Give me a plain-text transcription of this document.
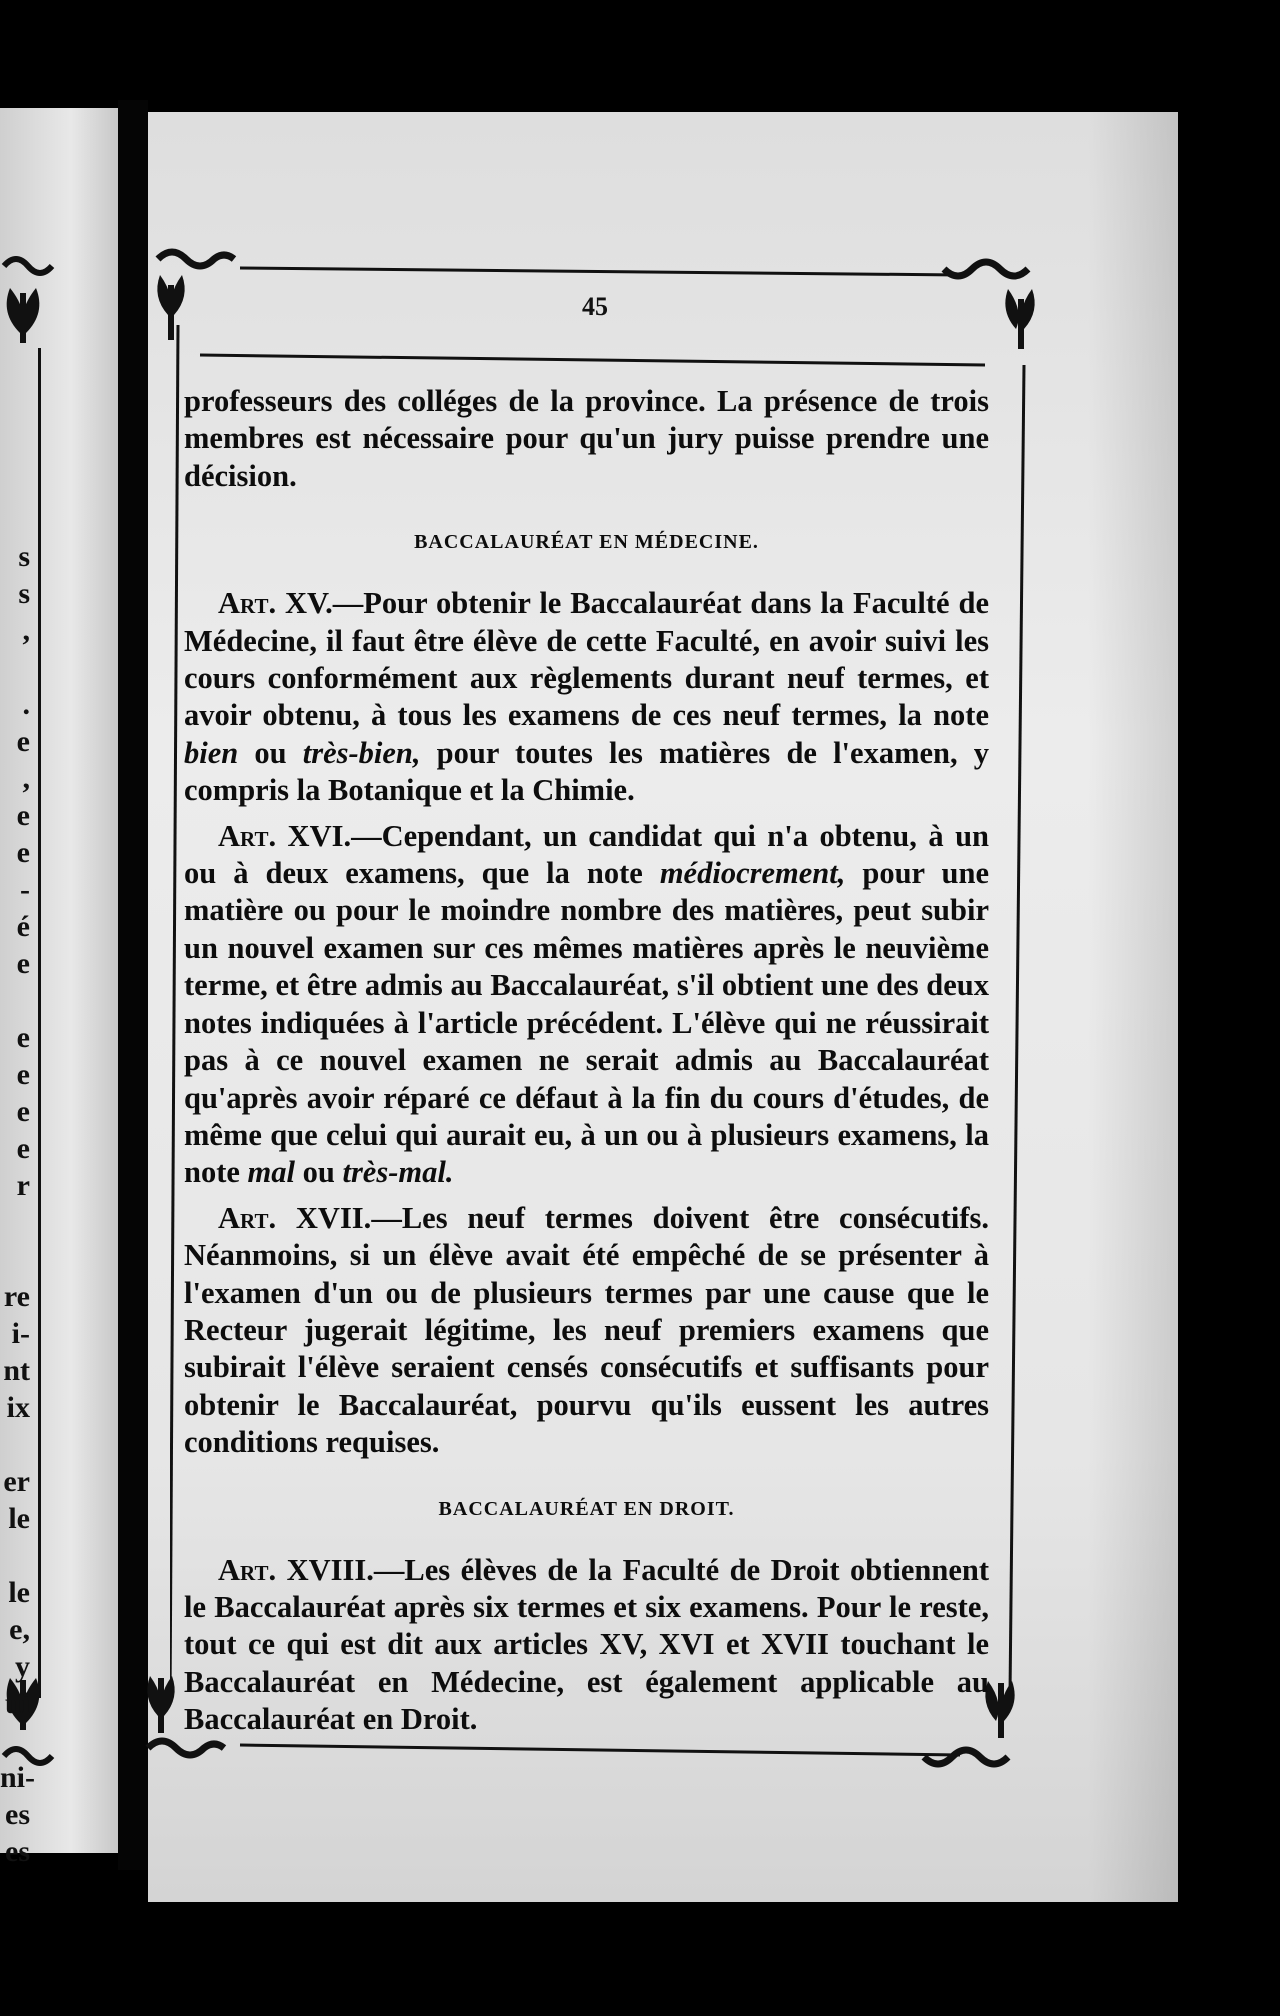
s
s
,
.
e
,
e
e
-
é
e
e
e
e
e
r
re
i-
nt
ix
er
le
le
e,
y
ui
ni-
es
es
45

professeurs des colléges de la province. La présence de trois membres est nécessaire pour qu'un jury puisse prendre une décision.

BACCALAURÉAT EN MÉDECINE.

Art. XV.—Pour obtenir le Baccalauréat dans la Faculté de Médecine, il faut être élève de cette Faculté, en avoir suivi les cours conformément aux règlements durant neuf termes, et avoir obtenu, à tous les examens de ces neuf termes, la note bien ou très-bien, pour toutes les matières de l'examen, y compris la Botanique et la Chimie.

Art. XVI.—Cependant, un candidat qui n'a obtenu, à un ou à deux examens, que la note médiocrement, pour une matière ou pour le moindre nombre des matières, peut subir un nouvel examen sur ces mêmes matières après le neuvième terme, et être admis au Baccalauréat, s'il obtient une des deux notes indiquées à l'article précédent. L'élève qui ne réussirait pas à ce nouvel examen ne serait admis au Baccalauréat qu'après avoir réparé ce défaut à la fin du cours d'études, de même que celui qui aurait eu, à un ou à plusieurs examens, la note mal ou très-mal.

Art. XVII.—Les neuf termes doivent être consécutifs. Néanmoins, si un élève avait été empêché de se présenter à l'examen d'un ou de plusieurs termes par une cause que le Recteur jugerait légitime, les neuf premiers examens que subirait l'élève seraient censés consécutifs et suffisants pour obtenir le Baccalauréat, pourvu qu'ils eussent les autres conditions requises.

BACCALAURÉAT EN DROIT.

Art. XVIII.—Les élèves de la Faculté de Droit obtiennent le Baccalauréat après six termes et six examens. Pour le reste, tout ce qui est dit aux articles XV, XVI et XVII touchant le Baccalauréat en Médecine, est également applicable au Baccalauréat en Droit.
